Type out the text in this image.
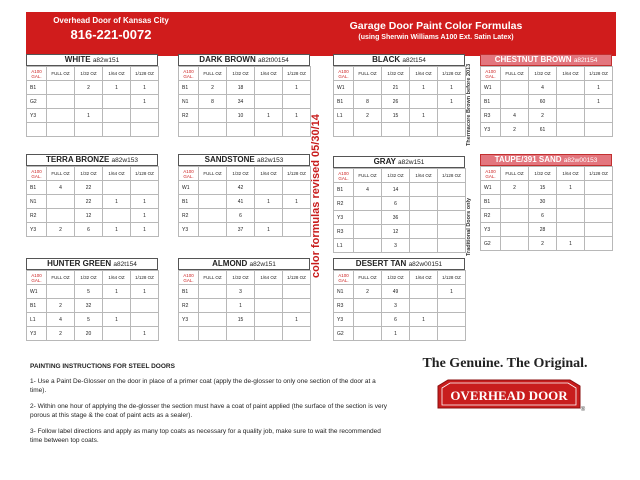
Overhead Door of Kansas City
816-221-0072
Garage Door Paint Color Formulas
(using Sherwin Williams A100 Ext. Satin Latex)
WHITE a82w151
A100 GAL.	FULL OZ	1/32 OZ	1/64 OZ	1/128 OZ
B1		2	1	1
G2				1
Y3		1		

DARK BROWN a82t00154
A100 GAL.	FULL OZ	1/32 OZ	1/64 OZ	1/128 OZ
B1	2	18		1
N1	8	34		
R2		10	1	1

BLACK a82t154
A100 GAL.	FULL OZ	1/32 OZ	1/64 OZ	1/128 OZ
W1		21	1	1
B1	8	26		1
L1	2	15	1	

CHESTNUT BROWN a82t154
A100 GAL.	FULL OZ	1/32 OZ	1/64 OZ	1/128 OZ
W1		4		1
B1		60		1
R3	4	2		
Y3	2	61		
TERRA BRONZE a82w153
A100 GAL.	FULL OZ	1/32 OZ	1/64 OZ	1/128 OZ
B1	4	22		
N1		22	1	1
R2		12		1
Y3	2	6	1	1
SANDSTONE a82w153
A100 GAL.	FULL OZ	1/32 OZ	1/64 OZ	1/128 OZ
W1		42		
B1		41	1	1
R2		6		
Y3		37	1	
GRAY a82w151
A100 GAL.	FULL OZ	1/32 OZ	1/64 OZ	1/128 OZ
B1	4	14		
R2		6		
Y3		36		
R3		12		
L1		3		
TAUPE/391 SAND a82w00153
A100 GAL.	FULL OZ	1/32 OZ	1/64 OZ	1/128 OZ
W1	2	15	1	
B1		30		
R2		6		
Y3		28		
G2		2	1	
HUNTER GREEN a82t154
A100 GAL.	FULL OZ	1/32 OZ	1/64 OZ	1/128 OZ
W1		5	1	1
B1	2	32		
L1	4	5	1	
Y3	2	20		1
ALMOND a82w151
A100 GAL.	FULL OZ	1/32 OZ	1/64 OZ	1/128 OZ
B1		3		
R2		1		
Y3		15		1

DESERT TAN a82w00151
A100 GAL.	FULL OZ	1/32 OZ	1/64 OZ	1/128 OZ
N1	2	49		1
R3		3		
Y3		6	1	
G2		1		
color formulas revised 05/30/14
Thermacore Brown before 2013
Traditional Doors only
PAINTING INSTRUCTIONS FOR STEEL DOORS

1- Use a Paint De-Glosser on the door in place of a primer coat (apply the de-glosser to only one section of the door at a time).

2- Within one hour of applying the de-glosser the section must have a coat of paint applied (the surface of the section is very porous at this stage & the coat of paint acts as a sealer).

3- Follow label directions and apply as many top coats as necessary for a quality job, make sure to wait the recommended time between top coats.

The Genuine. The Original.
OVERHEAD DOOR
®
